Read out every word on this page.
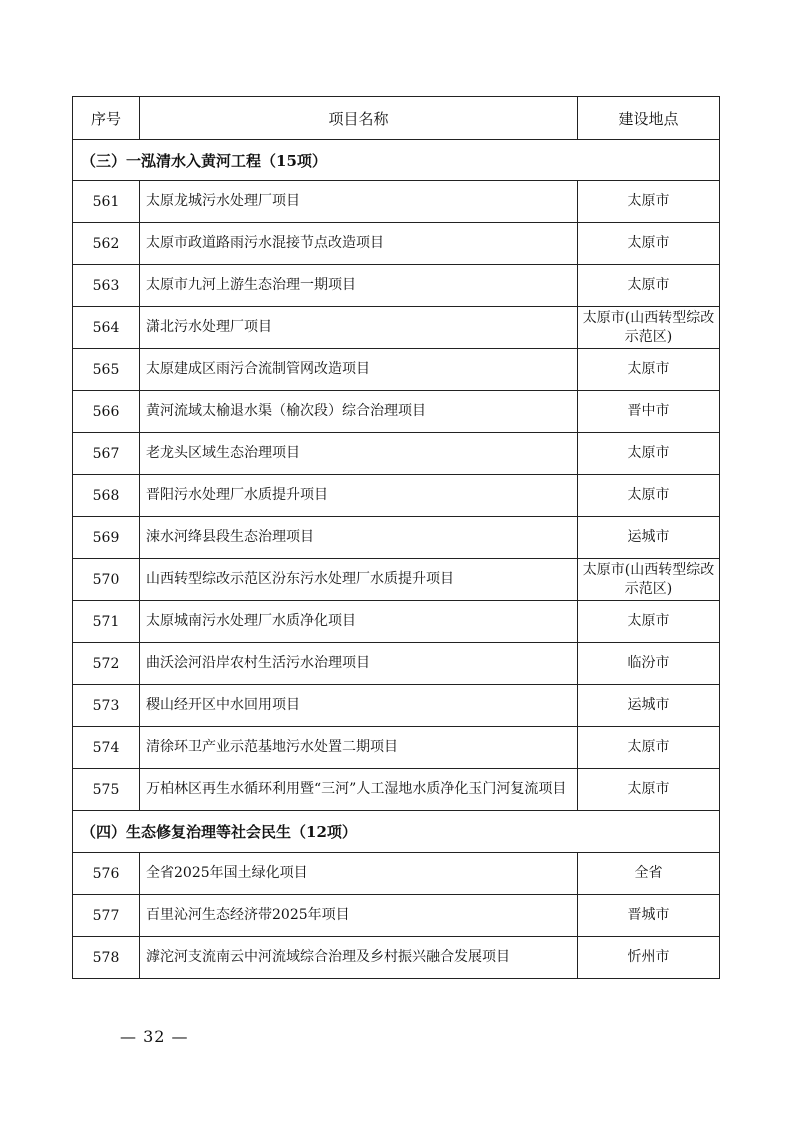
序号	项目名称	建设地点
（三）一泓清水入黄河工程（15项）		
561	太原龙城污水处理厂项目	太原市
562	太原市政道路雨污水混接节点改造项目	太原市
563	太原市九河上游生态治理一期项目	太原市
564	潇北污水处理厂项目	太原市(山西转型综改示范区)
565	太原建成区雨污合流制管网改造项目	太原市
566	黄河流域太榆退水渠（榆次段）综合治理项目	晋中市
567	老龙头区域生态治理项目	太原市
568	晋阳污水处理厂水质提升项目	太原市
569	涑水河绛县段生态治理项目	运城市
570	山西转型综改示范区汾东污水处理厂水质提升项目	太原市(山西转型综改示范区)
571	太原城南污水处理厂水质净化项目	太原市
572	曲沃浍河沿岸农村生活污水治理项目	临汾市
573	稷山经开区中水回用项目	运城市
574	清徐环卫产业示范基地污水处置二期项目	太原市
575	万柏林区再生水循环利用暨“三河”人工湿地水质净化玉门河复流项目	太原市
（四）生态修复治理等社会民生（12项）		
576	全省2025年国土绿化项目	全省
577	百里沁河生态经济带2025年项目	晋城市
578	滹沱河支流南云中河流域综合治理及乡村振兴融合发展项目	忻州市
— 32 —
